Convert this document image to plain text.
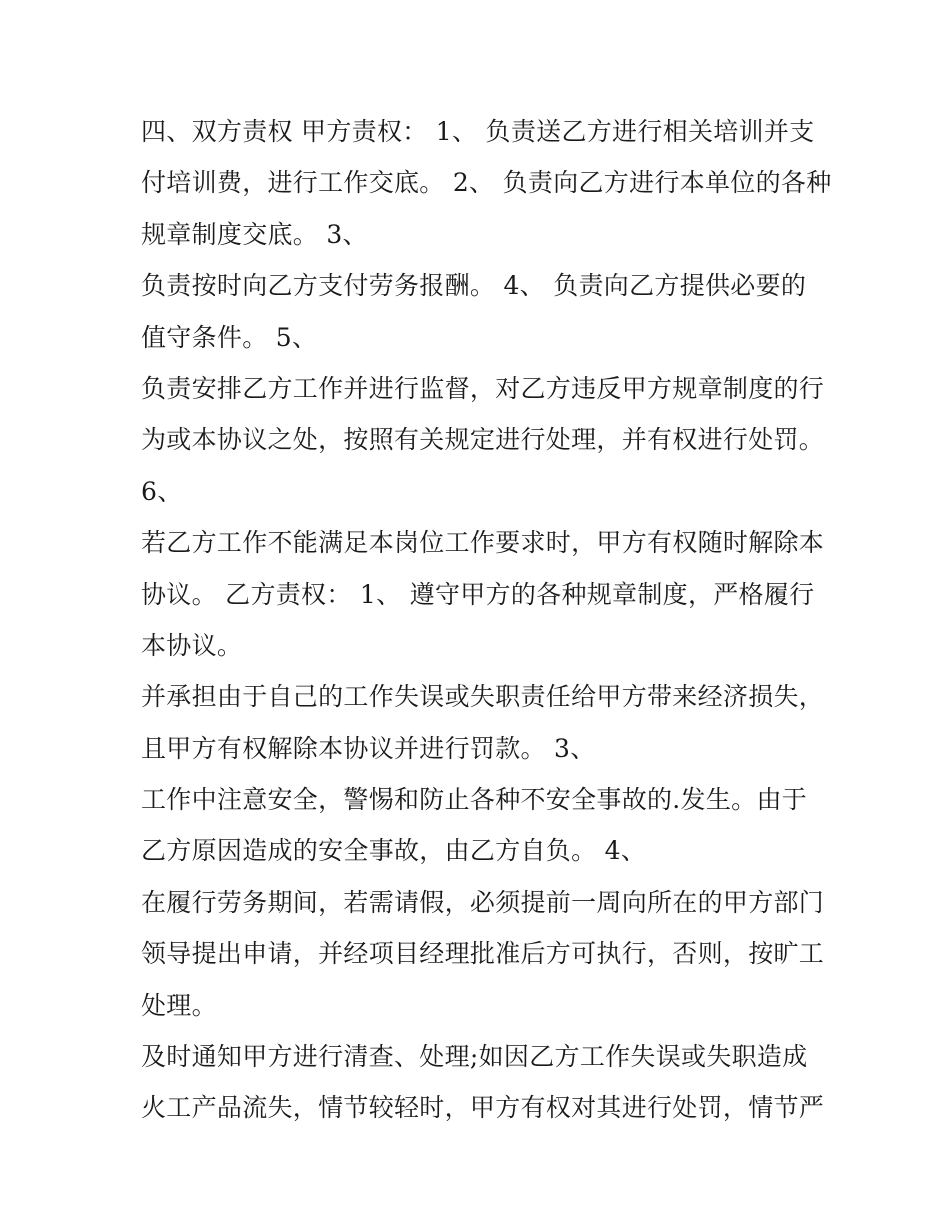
四、双方责权 甲方责权： 1、 负责送乙方进行相关培训并支
付培训费，进行工作交底。 2、 负责向乙方进行本单位的各种
规章制度交底。 3、
负责按时向乙方支付劳务报酬。 4、 负责向乙方提供必要的
值守条件。 5、
负责安排乙方工作并进行监督，对乙方违反甲方规章制度的行
为或本协议之处，按照有关规定进行处理，并有权进行处罚。
6、
若乙方工作不能满足本岗位工作要求时，甲方有权随时解除本
协议。 乙方责权： 1、 遵守甲方的各种规章制度，严格履行
本协议。
并承担由于自己的工作失误或失职责任给甲方带来经济损失，
且甲方有权解除本协议并进行罚款。 3、
工作中注意安全，警惕和防止各种不安全事故的.发生。由于
乙方原因造成的安全事故，由乙方自负。 4、
在履行劳务期间，若需请假，必须提前一周向所在的甲方部门
领导提出申请，并经项目经理批准后方可执行，否则，按旷工
处理。
及时通知甲方进行清查、处理;如因乙方工作失误或失职造成
火工产品流失，情节较轻时，甲方有权对其进行处罚，情节严
